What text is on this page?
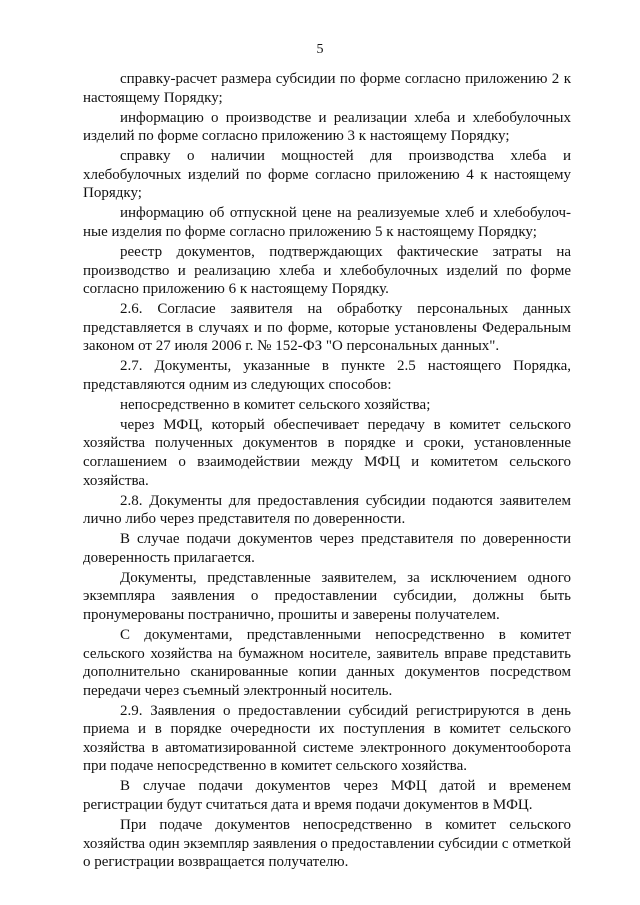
5

справку-расчет размера субсидии по форме согласно приложению 2 к настоящему Порядку;

информацию о производстве и реализации хлеба и хлебобулочных изделий по форме согласно приложению 3 к настоящему Порядку;

справку о наличии мощностей для производства хлеба и хлебобулочных изделий по форме согласно приложению 4 к настоящему Порядку;

информацию об отпускной цене на реализуемые хлеб и хлебобулочные изделия по форме согласно приложению 5 к настоящему Порядку;

реестр документов, подтверждающих фактические затраты на производство и реализацию хлеба и хлебобулочных изделий по форме согласно приложению 6 к настоящему Порядку.

2.6. Согласие заявителя на обработку персональных данных представляется в случаях и по форме, которые установлены Федеральным законом от 27 июля 2006 г. № 152-ФЗ "О персональных данных".

2.7. Документы, указанные в пункте 2.5 настоящего Порядка, представляются одним из следующих способов:

непосредственно в комитет сельского хозяйства;

через МФЦ, который обеспечивает передачу в комитет сельского хозяйства полученных документов в порядке и сроки, установленные соглашением о взаимодействии между МФЦ и комитетом сельского хозяйства.

2.8. Документы для предоставления субсидии подаются заявителем лично либо через представителя по доверенности.

В случае подачи документов через представителя по доверенности доверенность прилагается.

Документы, представленные заявителем, за исключением одного экземпляра заявления о предоставлении субсидии, должны быть пронумерованы постранично, прошиты и заверены получателем.

С документами, представленными непосредственно в комитет сельского хозяйства на бумажном носителе, заявитель вправе представить дополнительно сканированные копии данных документов посредством передачи через съемный электронный носитель.

2.9. Заявления о предоставлении субсидий регистрируются в день приема и в порядке очередности их поступления в комитет сельского хозяйства в автоматизированной системе электронного документооборота при подаче непосредственно в комитет сельского хозяйства.

В случае подачи документов через МФЦ датой и временем регистрации будут считаться дата и время подачи документов в МФЦ.

При подаче документов непосредственно в комитет сельского хозяйства один экземпляр заявления о предоставлении субсидии с отметкой о регистрации возвращается получателю.
